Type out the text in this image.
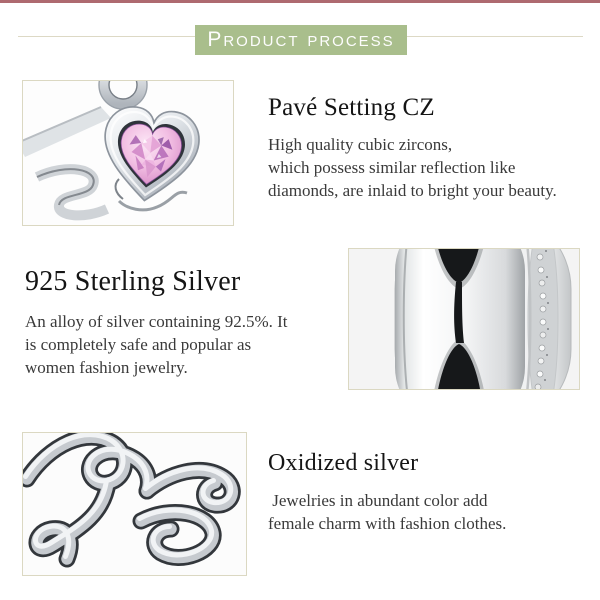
Product process
Pavé Setting CZ
High quality cubic zircons,
which possess similar reflection like
diamonds, are inlaid to bright your beauty.
925 Sterling Silver
An alloy of silver containing 92.5%. It
is completely safe and popular as
women fashion jewelry.
Oxidized silver
Jewelries in abundant color add
female charm with fashion clothes.
